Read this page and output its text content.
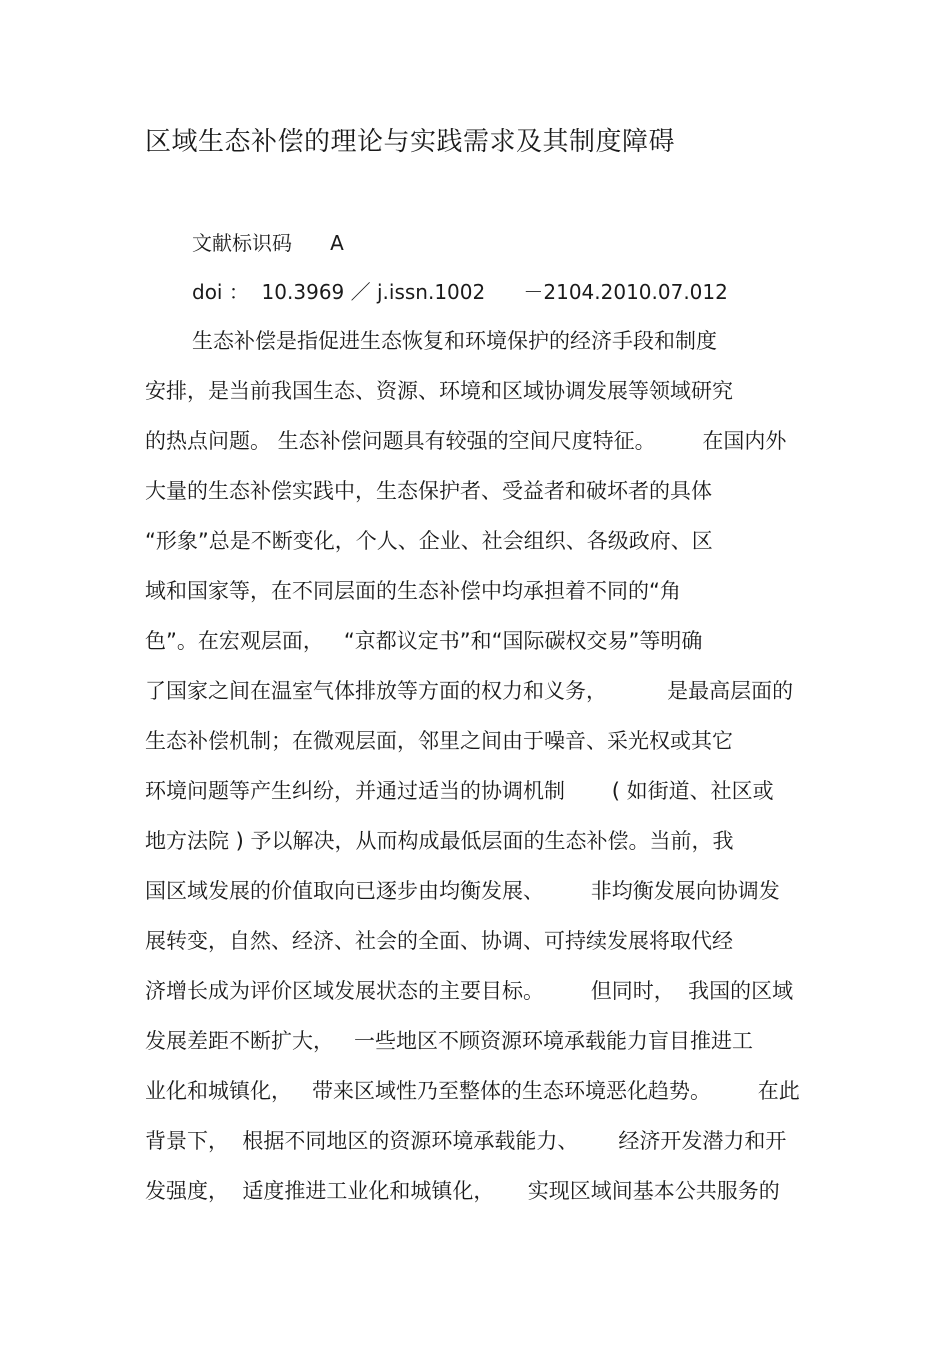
区域生态补偿的理论与实践需求及其制度障碍
文献标识码      A
doi ：  10.3969 ／ j.issn.1002      －2104.2010.07.012
生态补偿是指促进生态恢复和环境保护的经济手段和制度
安排，是当前我国生态、资源、环境和区域协调发展等领域研究
的热点问题。 生态补偿问题具有较强的空间尺度特征。       在国内外
大量的生态补偿实践中，生态保护者、受益者和破坏者的具体
“形象”总是不断变化，个人、企业、社会组织、各级政府、区
域和国家等，在不同层面的生态补偿中均承担着不同的“角
色”。在宏观层面，   “京都议定书”和“国际碳权交易”等明确
了国家之间在温室气体排放等方面的权力和义务，         是最高层面的
生态补偿机制；在微观层面，邻里之间由于噪音、采光权或其它
环境问题等产生纠纷，并通过适当的协调机制       ( 如街道、社区或
地方法院 ) 予以解决，从而构成最低层面的生态补偿。当前，我
国区域发展的价值取向已逐步由均衡发展、       非均衡发展向协调发
展转变，自然、经济、社会的全面、协调、可持续发展将取代经
济增长成为评价区域发展状态的主要目标。       但同时，  我国的区域
发展差距不断扩大，   一些地区不顾资源环境承载能力盲目推进工
业化和城镇化，   带来区域性乃至整体的生态环境恶化趋势。       在此
背景下，  根据不同地区的资源环境承载能力、      经济开发潜力和开
发强度，  适度推进工业化和城镇化，     实现区域间基本公共服务的
